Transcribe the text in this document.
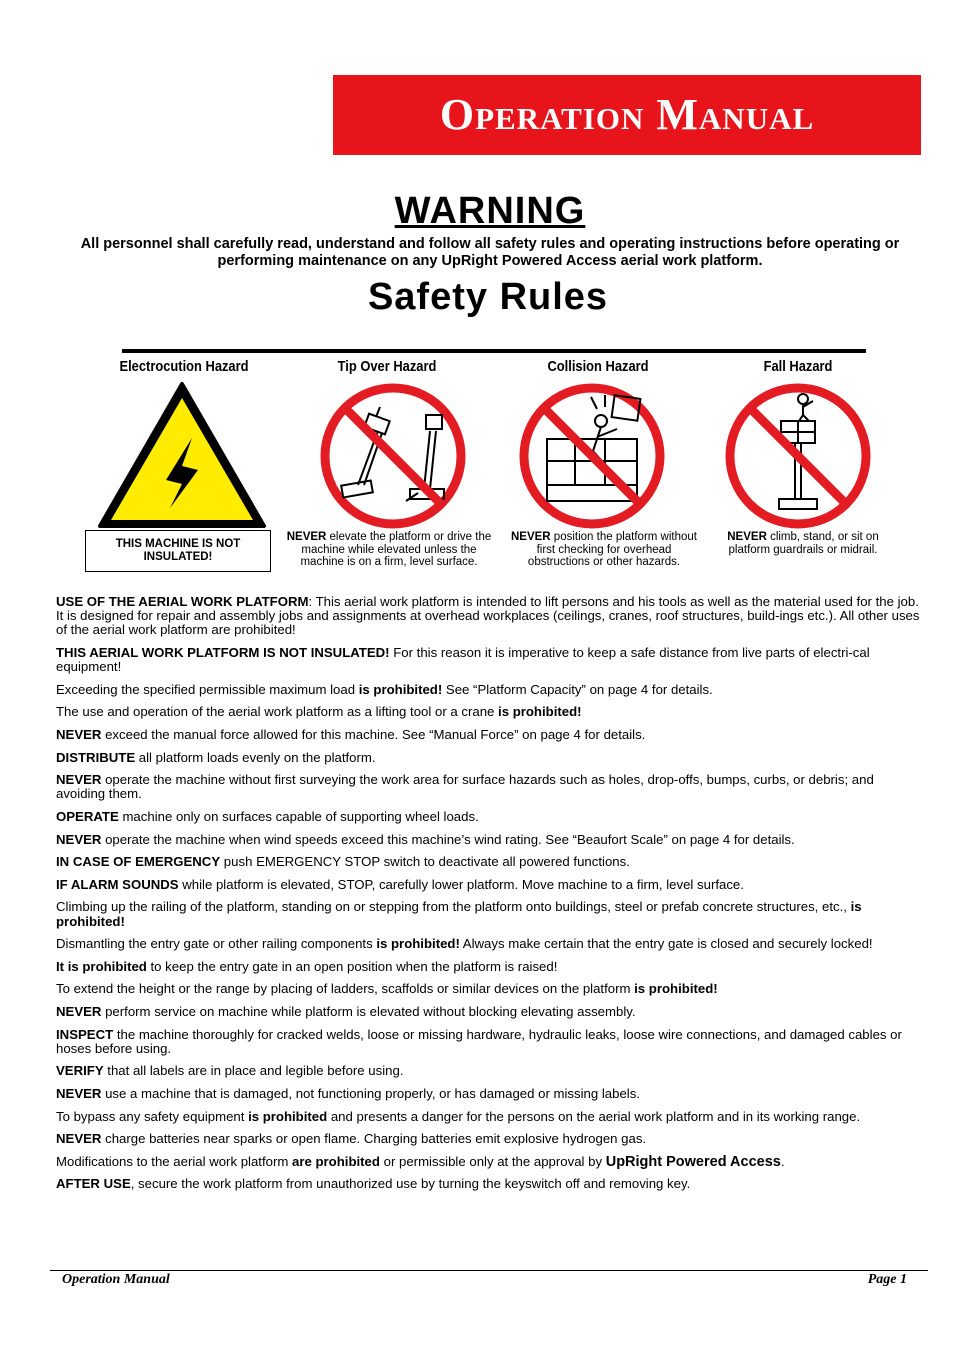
Operation Manual
WARNING
All personnel shall carefully read, understand and follow all safety rules and operating instructions before operating or performing maintenance on any UpRight Powered Access aerial work platform.
Safety Rules
Electrocution Hazard	Tip Over Hazard	Collision Hazard	Fall Hazard
THIS MACHINE IS NOT INSULATED!
NEVER elevate the platform or drive the machine while elevated unless the machine is on a firm, level surface.
NEVER position the platform without first checking for overhead obstructions or other hazards.
NEVER climb, stand, or sit on platform guardrails or midrail.

USE OF THE AERIAL WORK PLATFORM: This aerial work platform is intended to lift persons and his tools as well as the material used for the job. It is designed for repair and assembly jobs and assignments at overhead workplaces (ceilings, cranes, roof structures, build-ings etc.). All other uses of the aerial work platform are prohibited!

THIS AERIAL WORK PLATFORM IS NOT INSULATED! For this reason it is imperative to keep a safe distance from live parts of electri-cal equipment!

Exceeding the specified permissible maximum load is prohibited! See “Platform Capacity” on page 4 for details.

The use and operation of the aerial work platform as a lifting tool or a crane is prohibited!

NEVER exceed the manual force allowed for this machine. See “Manual Force” on page 4 for details.

DISTRIBUTE all platform loads evenly on the platform.

NEVER operate the machine without first surveying the work area for surface hazards such as holes, drop-offs, bumps, curbs, or debris; and avoiding them.

OPERATE machine only on surfaces capable of supporting wheel loads.

NEVER operate the machine when wind speeds exceed this machine’s wind rating. See “Beaufort Scale” on page 4 for details.

IN CASE OF EMERGENCY push EMERGENCY STOP switch to deactivate all powered functions.

IF ALARM SOUNDS while platform is elevated, STOP, carefully lower platform. Move machine to a firm, level surface.

Climbing up the railing of the platform, standing on or stepping from the platform onto buildings, steel or prefab concrete structures, etc., is prohibited!

Dismantling the entry gate or other railing components is prohibited! Always make certain that the entry gate is closed and securely locked!

It is prohibited to keep the entry gate in an open position when the platform is raised!

To extend the height or the range by placing of ladders, scaffolds or similar devices on the platform is prohibited!

NEVER perform service on machine while platform is elevated without blocking elevating assembly.

INSPECT the machine thoroughly for cracked welds, loose or missing hardware, hydraulic leaks, loose wire connections, and damaged cables or hoses before using.

VERIFY that all labels are in place and legible before using.

NEVER use a machine that is damaged, not functioning properly, or has damaged or missing labels.

To bypass any safety equipment is prohibited and presents a danger for the persons on the aerial work platform and in its working range.

NEVER charge batteries near sparks or open flame. Charging batteries emit explosive hydrogen gas.

Modifications to the aerial work platform are prohibited or permissible only at the approval by UpRight Powered Access.

AFTER USE, secure the work platform from unauthorized use by turning the keyswitch off and removing key.

Operation Manual	Page 1
